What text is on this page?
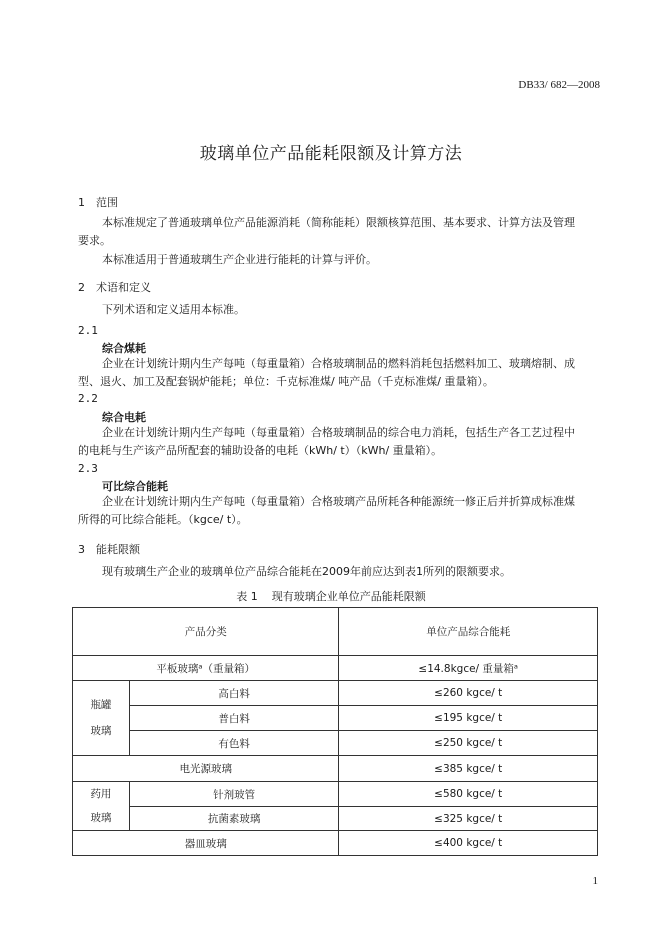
DB33/ 682—2008
玻璃单位产品能耗限额及计算方法
1 范围
本标准规定了普通玻璃单位产品能源消耗（简称能耗）限额核算范围、基本要求、计算方法及管理
要求。
本标准适用于普通玻璃生产企业进行能耗的计算与评价。
2 术语和定义
下列术语和定义适用本标准。
2.1
综合煤耗
企业在计划统计期内生产每吨（每重量箱）合格玻璃制品的燃料消耗包括燃料加工、玻璃熔制、成
型、退火、加工及配套锅炉能耗；单位：千克标准煤/ 吨产品（千克标准煤/ 重量箱）。
2.2
综合电耗
企业在计划统计期内生产每吨（每重量箱）合格玻璃制品的综合电力消耗，包括生产各工艺过程中
的电耗与生产该产品所配套的辅助设备的电耗（kWh/ t）（kWh/ 重量箱）。
2.3
可比综合能耗
企业在计划统计期内生产每吨（每重量箱）合格玻璃产品所耗各种能源统一修正后并折算成标准煤
所得的可比综合能耗。（kgce/ t）。
3 能耗限额
现有玻璃生产企业的玻璃单位产品综合能耗在2009年前应达到表1所列的限额要求。
表 1 现有玻璃企业单位产品能耗限额
产品分类		单位产品综合能耗
平板玻璃ᵃ（重量箱）		≤14.8kgce/ 重量箱ᵃ

瓶罐
玻璃	高白料	≤260 kgce/ t
	普白料	≤195 kgce/ t
	有色料	≤250 kgce/ t
电光源玻璃		≤385 kgce/ t

药用
玻璃	针剂玻管	≤580 kgce/ t
	抗菌素玻璃	≤325 kgce/ t
器皿玻璃		≤400 kgce/ t
1
